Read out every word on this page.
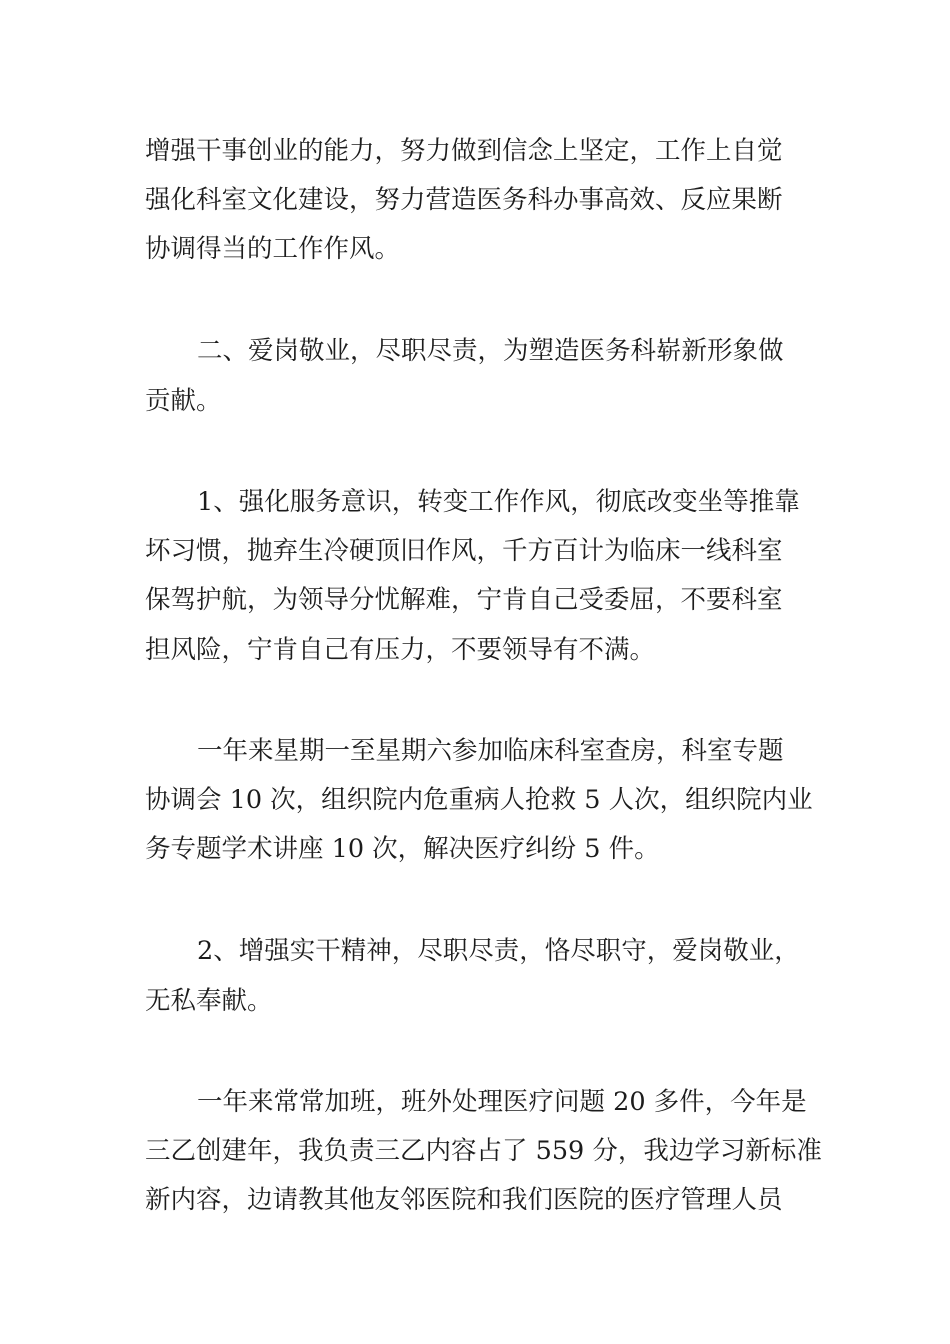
增强干事创业的能力，努力做到信念上坚定，工作上自觉
强化科室文化建设，努力营造医务科办事高效、反应果断
协调得当的工作作风。
二、爱岗敬业，尽职尽责，为塑造医务科崭新形象做
贡献。
1、强化服务意识，转变工作作风，彻底改变坐等推靠
坏习惯，抛弃生冷硬顶旧作风，千方百计为临床一线科室
保驾护航，为领导分忧解难，宁肯自己受委屈，不要科室
担风险，宁肯自己有压力，不要领导有不满。
一年来星期一至星期六参加临床科室查房，科室专题
协调会 10 次，组织院内危重病人抢救 5 人次，组织院内业
务专题学术讲座 10 次，解决医疗纠纷 5 件。
2、增强实干精神，尽职尽责，恪尽职守，爱岗敬业，
无私奉献。
一年来常常加班，班外处理医疗问题 20 多件，今年是
三乙创建年，我负责三乙内容占了 559 分，我边学习新标准
新内容，边请教其他友邻医院和我们医院的医疗管理人员
